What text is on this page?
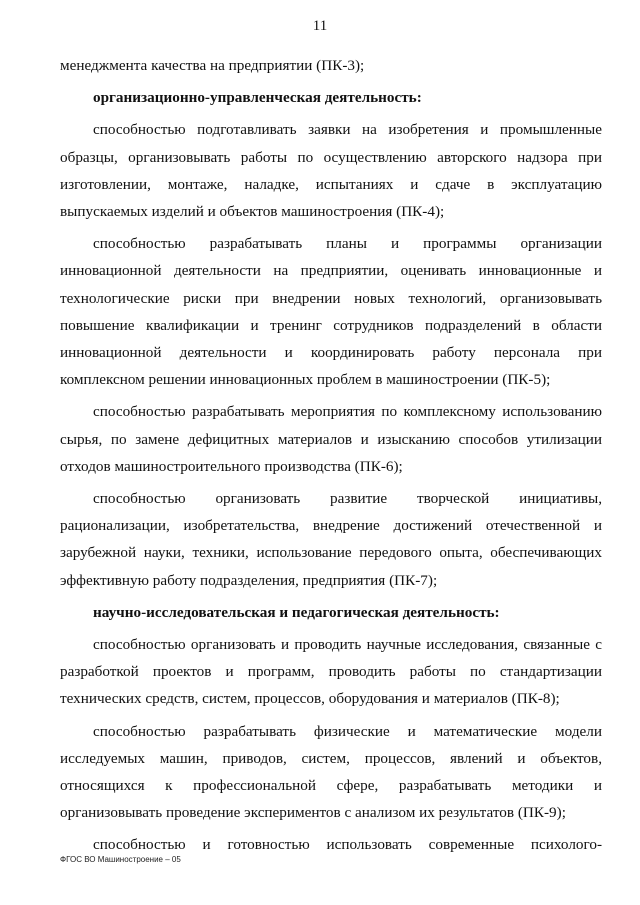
11

менеджмента качества на предприятии (ПК-3);

организационно-управленческая деятельность:

способностью подготавливать заявки на изобретения и промышленные образцы, организовывать работы по осуществлению авторского надзора при изготовлении, монтаже, наладке, испытаниях и сдаче в эксплуатацию выпускаемых изделий и объектов машиностроения (ПК-4);

способностью разрабатывать планы и программы организации инновационной деятельности на предприятии, оценивать инновационные и технологические риски при внедрении новых технологий, организовывать повышение квалификации и тренинг сотрудников подразделений в области инновационной деятельности и координировать работу персонала при комплексном решении инновационных проблем в машиностроении (ПК-5);

способностью разрабатывать мероприятия по комплексному использованию сырья, по замене дефицитных материалов и изысканию способов утилизации отходов машиностроительного производства (ПК-6);

способностью организовать развитие творческой инициативы, рационализации, изобретательства, внедрение достижений отечественной и зарубежной науки, техники, использование передового опыта, обеспечивающих эффективную работу подразделения, предприятия (ПК-7);

научно-исследовательская и педагогическая деятельность:

способностью организовать и проводить научные исследования, связанные с разработкой проектов и программ, проводить работы по стандартизации технических средств, систем, процессов, оборудования и материалов (ПК-8);

способностью разрабатывать физические и математические модели исследуемых машин, приводов, систем, процессов, явлений и объектов, относящихся к профессиональной сфере, разрабатывать методики и организовывать проведение экспериментов с анализом их результатов (ПК-9);

способностью и готовностью использовать современные психолого-

ФГОС ВО Машиностроение – 05
